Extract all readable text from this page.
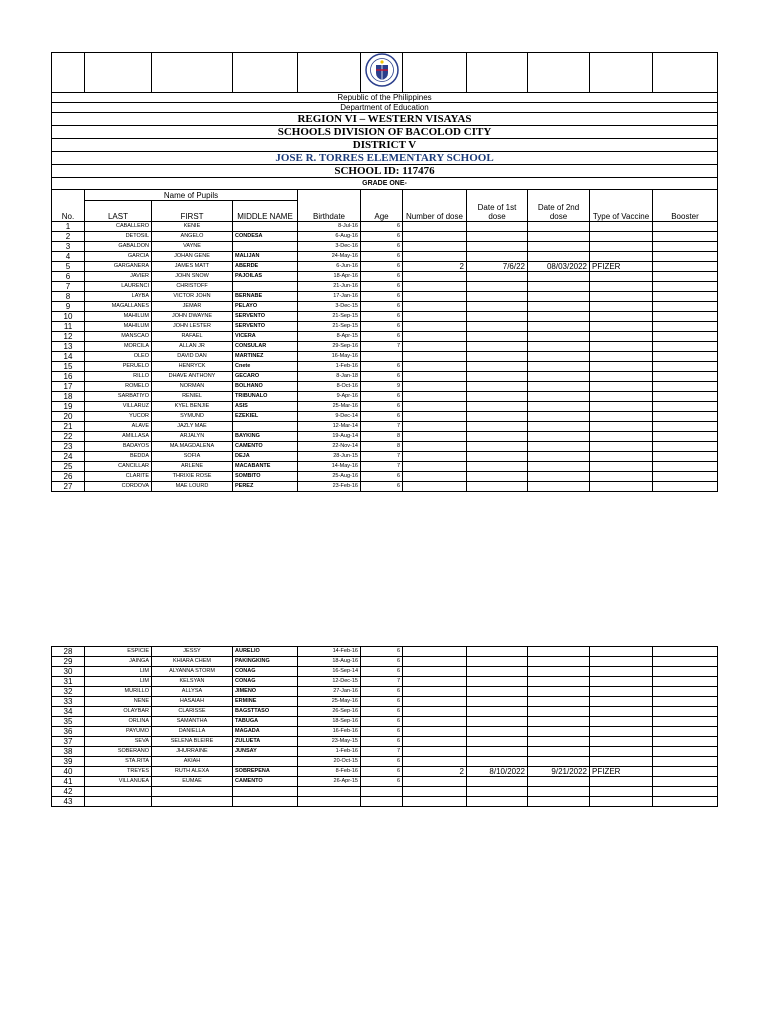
Republic of the Philippines										
Department of Education										
REGION VI – WESTERN VISAYAS										
SCHOOLS DIVISION OF BACOLOD CITY										
DISTRICT V										
JOSE R. TORRES ELEMENTARY SCHOOL										
SCHOOL ID: 117476										
GRADE ONE-										
	Name of Pupils									
No.	LAST	FIRST	MIDDLE NAME	Birthdate	Age	Number of dose	Date of 1st dose	Date of 2nd dose	Type of Vaccine	Booster
1	CABALLERO	KENIE		8-Jul-16	6					
2	DETOSIL	ANGELO	CONDESA	6-Aug-16	6					
3	GABALDON	VAYNE		3-Dec-16	6					
4	GARCIA	JOHAN GENE	MALIJAN	24-May-16	6					
5	GARGANERA	JAMES MATT	ABERDE	6-Jun-16	6	2	7/6/22	08/03/2022	PFIZER	
6	JAVIER	JOHN SNOW	PAJOILAS	18-Apr-16	6					
7	LAURENCI	CHRISTOFF		21-Jun-16	6					
8	LAYBA	VICTOR JOHN	BERNABE	17-Jan-16	6					
9	MAGALLANES	JEMAR	PELAYO	3-Dec-15	6					
10	MAHILUM	JOHN DWAYNE	SERVENTO	21-Sep-15	6					
11	MAHILUM	JOHN LESTER	SERVENTO	21-Sep-15	6					
12	MANSCAO	RAFAEL	VICERA	8-Apr-15	6					
13	MORCILA	ALLAN JR	CONSULAR	29-Sep-16	7					
14	OLEO	DAVID DAN	MARTINEZ	16-May-16						
15	PERUELO	HENRYCK	Cnete	1-Feb-16	6					
16	RILLO	DHAVE ANTHONY	GECARO	8-Jan-18	6					
17	ROMELO	NORMAN	BOLHANO	8-Oct-16	9					
18	SARBATIYO	RENIEL	TRIBUNALO	9-Apr-16	6					
19	VILLARUZ	KYEL BENJIE	ASIS	25-Mar-16	6					
20	YUCOR	SYMUND	EZEKIEL	9-Dec-14	6					
21	ALAVE	JAZLY MAE		12-Mar-14	7					
22	AMILLASA	ARJALYN	BAYKING	19-Aug-14	8					
23	BADAYOS	MA.MAGDALENA	CAMENTO	22-Nov-14	8					
24	BEDDA	SOFIA	DEJA	28-Jun-15	7					
25	CANCILLAR	ARLENE	MACABANTE	14-May-16	7					
26	CLARITE	THRIXIE ROSE	SOMBITO	25-Aug-16	6					
27	CORDOVA	MAE LOURD	PEREZ	23-Feb-16	6					
28	ESPICIE	JESSY	AURELIO	14-Feb-16	6					
29	JAINGA	KHIARA CHEM	PAKINGKING	18-Aug-16	6					
30	LIM	ALYANNA STORM	CONAG	16-Sep-14	6					
31	LIM	KELSYAN	CONAG	12-Dec-15	7					
32	MURILLO	ALLYSA	JIMENO	27-Jan-16	6					
33	NENE	HASAIAH	ERMINE	25-May-16	6					
34	OLAYBAR	CLARISSE	BAGSTTASO	26-Sep-16	6					
35	ORLINA	SAMANTHA	TABUGA	18-Sep-16	6					
36	PAYUMO	DANIELLA	MAGADA	16-Feb-16	6					
37	SEVA	SELENA BLEIRE	ZULUETA	23-May-15	6					
38	SOBERANO	JHURRAINE	JUNSAY	1-Feb-16	7					
39	STA.RITA	AKIAH		20-Oct-15	6					
40	TREYES	RUTH ALEXA	SOBREPENA	8-Feb-16	6	2	8/10/2022	9/21/2022	PFIZER	
41	VILLANUEA	EUMAE	CAMENTO	26-Apr-15	6					
42										
43										
